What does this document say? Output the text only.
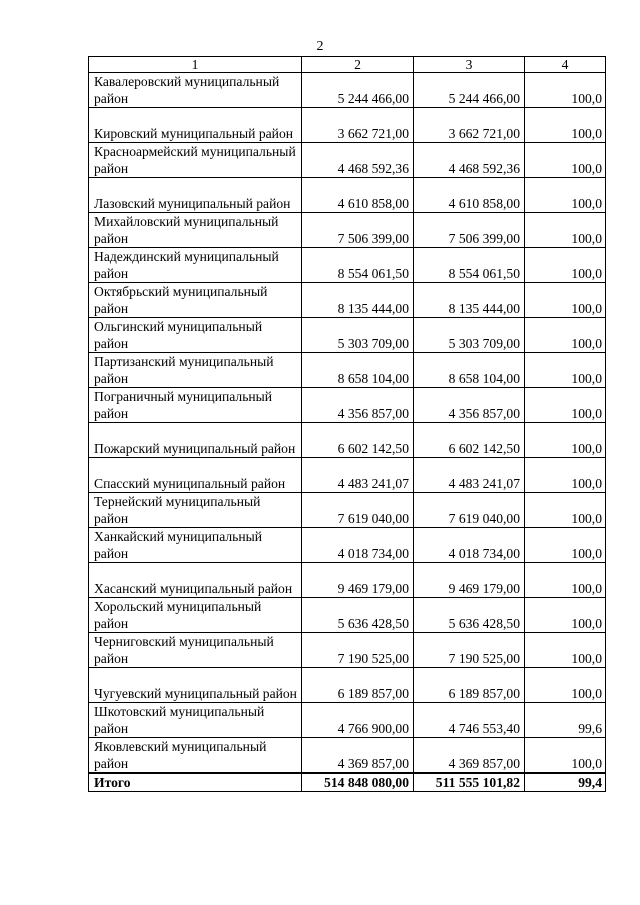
2
1	2	3	4
Кавалеровский муниципальный район	5 244 466,00	5 244 466,00	100,0
Кировский муниципальный район	3 662 721,00	3 662 721,00	100,0
Красноармейский муниципальный район	4 468 592,36	4 468 592,36	100,0
Лазовский муниципальный район	4 610 858,00	4 610 858,00	100,0
Михайловский муниципальный район	7 506 399,00	7 506 399,00	100,0
Надеждинский муниципальный район	8 554 061,50	8 554 061,50	100,0
Октябрьский муниципальный район	8 135 444,00	8 135 444,00	100,0
Ольгинский муниципальный район	5 303 709,00	5 303 709,00	100,0
Партизанский муниципальный район	8 658 104,00	8 658 104,00	100,0
Пограничный муниципальный район	4 356 857,00	4 356 857,00	100,0
Пожарский муниципальный район	6 602 142,50	6 602 142,50	100,0
Спасский муниципальный район	4 483 241,07	4 483 241,07	100,0
Тернейский муниципальный район	7 619 040,00	7 619 040,00	100,0
Ханкайский муниципальный район	4 018 734,00	4 018 734,00	100,0
Хасанский муниципальный район	9 469 179,00	9 469 179,00	100,0
Хорольский муниципальный район	5 636 428,50	5 636 428,50	100,0
Черниговский муниципальный район	7 190 525,00	7 190 525,00	100,0
Чугуевский муниципальный район	6 189 857,00	6 189 857,00	100,0
Шкотовский муниципальный район	4 766 900,00	4 746 553,40	99,6
Яковлевский муниципальный район	4 369 857,00	4 369 857,00	100,0
Итого	514 848 080,00	511 555 101,82	99,4
